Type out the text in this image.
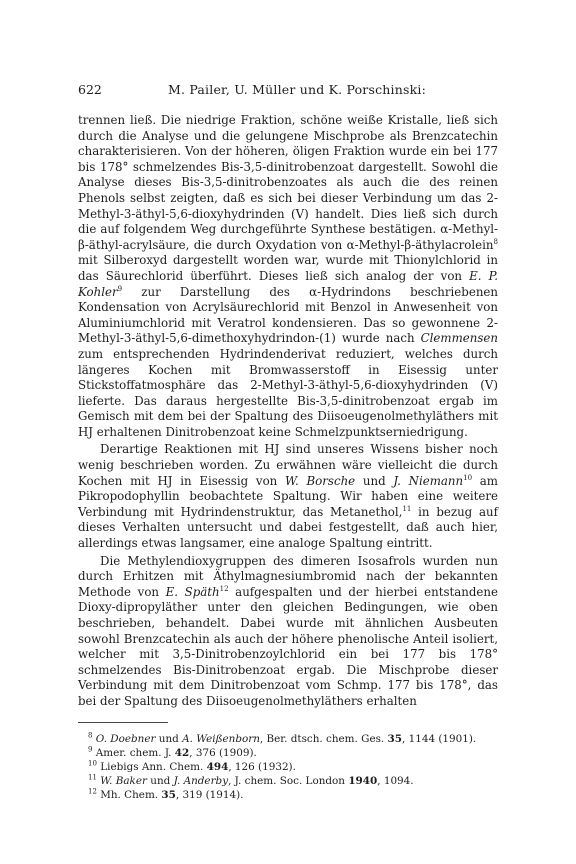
622	M. Pailer, U. Müller und K. Porschinski:

trennen ließ. Die niedrige Fraktion, schöne weiße Kristalle, ließ sich durch die Analyse und die gelungene Mischprobe als Brenzcatechin charakterisieren. Von der höheren, öligen Fraktion wurde ein bei 177 bis 178° schmelzendes Bis-3,5-dinitrobenzoat dargestellt. Sowohl die Analyse dieses Bis-3,5-dinitrobenzoates als auch die des reinen Phenols selbst zeigten, daß es sich bei dieser Verbindung um das 2-Methyl-3-äthyl-5,6-dioxyhydrinden (V) handelt. Dies ließ sich durch die auf folgendem Weg durchgeführte Synthese bestätigen. α-Methyl-β-äthyl-acrylsäure, die durch Oxydation von α-Methyl-β-äthylacrolein$^8$ mit Silberoxyd dargestellt worden war, wurde mit Thionylchlorid in das Säurechlorid überführt. Dieses ließ sich analog der von E. P. Kohler$^9$ zur Darstellung des α-Hydrindons beschriebenen Kondensation von Acrylsäurechlorid mit Benzol in Anwesenheit von Aluminiumchlorid mit Veratrol kondensieren. Das so gewonnene 2-Methyl-3-äthyl-5,6-dimethoxyhydrindon-(1) wurde nach Clemmensen zum entsprechenden Hydrindenderivat reduziert, welches durch längeres Kochen mit Bromwasserstoff in Eisessig unter Stickstoffatmosphäre das 2-Methyl-3-äthyl-5,6-dioxyhydrinden (V) lieferte. Das daraus hergestellte Bis-3,5-dinitrobenzoat ergab im Gemisch mit dem bei der Spaltung des Diisoeugenolmethyläthers mit HJ erhaltenen Dinitrobenzoat keine Schmelzpunktserniedrigung.

Derartige Reaktionen mit HJ sind unseres Wissens bisher noch wenig beschrieben worden. Zu erwähnen wäre vielleicht die durch Kochen mit HJ in Eisessig von W. Borsche und J. Niemann$^{10}$ am Pikropodophyllin beobachtete Spaltung. Wir haben eine weitere Verbindung mit Hydrindenstruktur, das Metanethol,$^{11}$ in bezug auf dieses Verhalten untersucht und dabei festgestellt, daß auch hier, allerdings etwas langsamer, eine analoge Spaltung eintritt.

Die Methylendioxygruppen des dimeren Isosafrols wurden nun durch Erhitzen mit Äthylmagnesiumbromid nach der bekannten Methode von E. Späth$^{12}$ aufgespalten und der hierbei entstandene Dioxy-dipropyläther unter den gleichen Bedingungen, wie oben beschrieben, behandelt. Dabei wurde mit ähnlichen Ausbeuten sowohl Brenzcatechin als auch der höhere phenolische Anteil isoliert, welcher mit 3,5-Dinitrobenzoylchlorid ein bei 177 bis 178° schmelzendes Bis-Dinitrobenzoat ergab. Die Mischprobe dieser Verbindung mit dem Dinitrobenzoat vom Schmp. 177 bis 178°, das bei der Spaltung des Diisoeugenolmethyläthers erhalten

$^8$ O. Doebner und A. Weißenborn, Ber. dtsch. chem. Ges. 35, 1144 (1901).
$^9$ Amer. chem. J. 42, 376 (1909).
$^{10}$ Liebigs Ann. Chem. 494, 126 (1932).
$^{11}$ W. Baker und J. Anderby, J. chem. Soc. London 1940, 1094.
$^{12}$ Mh. Chem. 35, 319 (1914).
